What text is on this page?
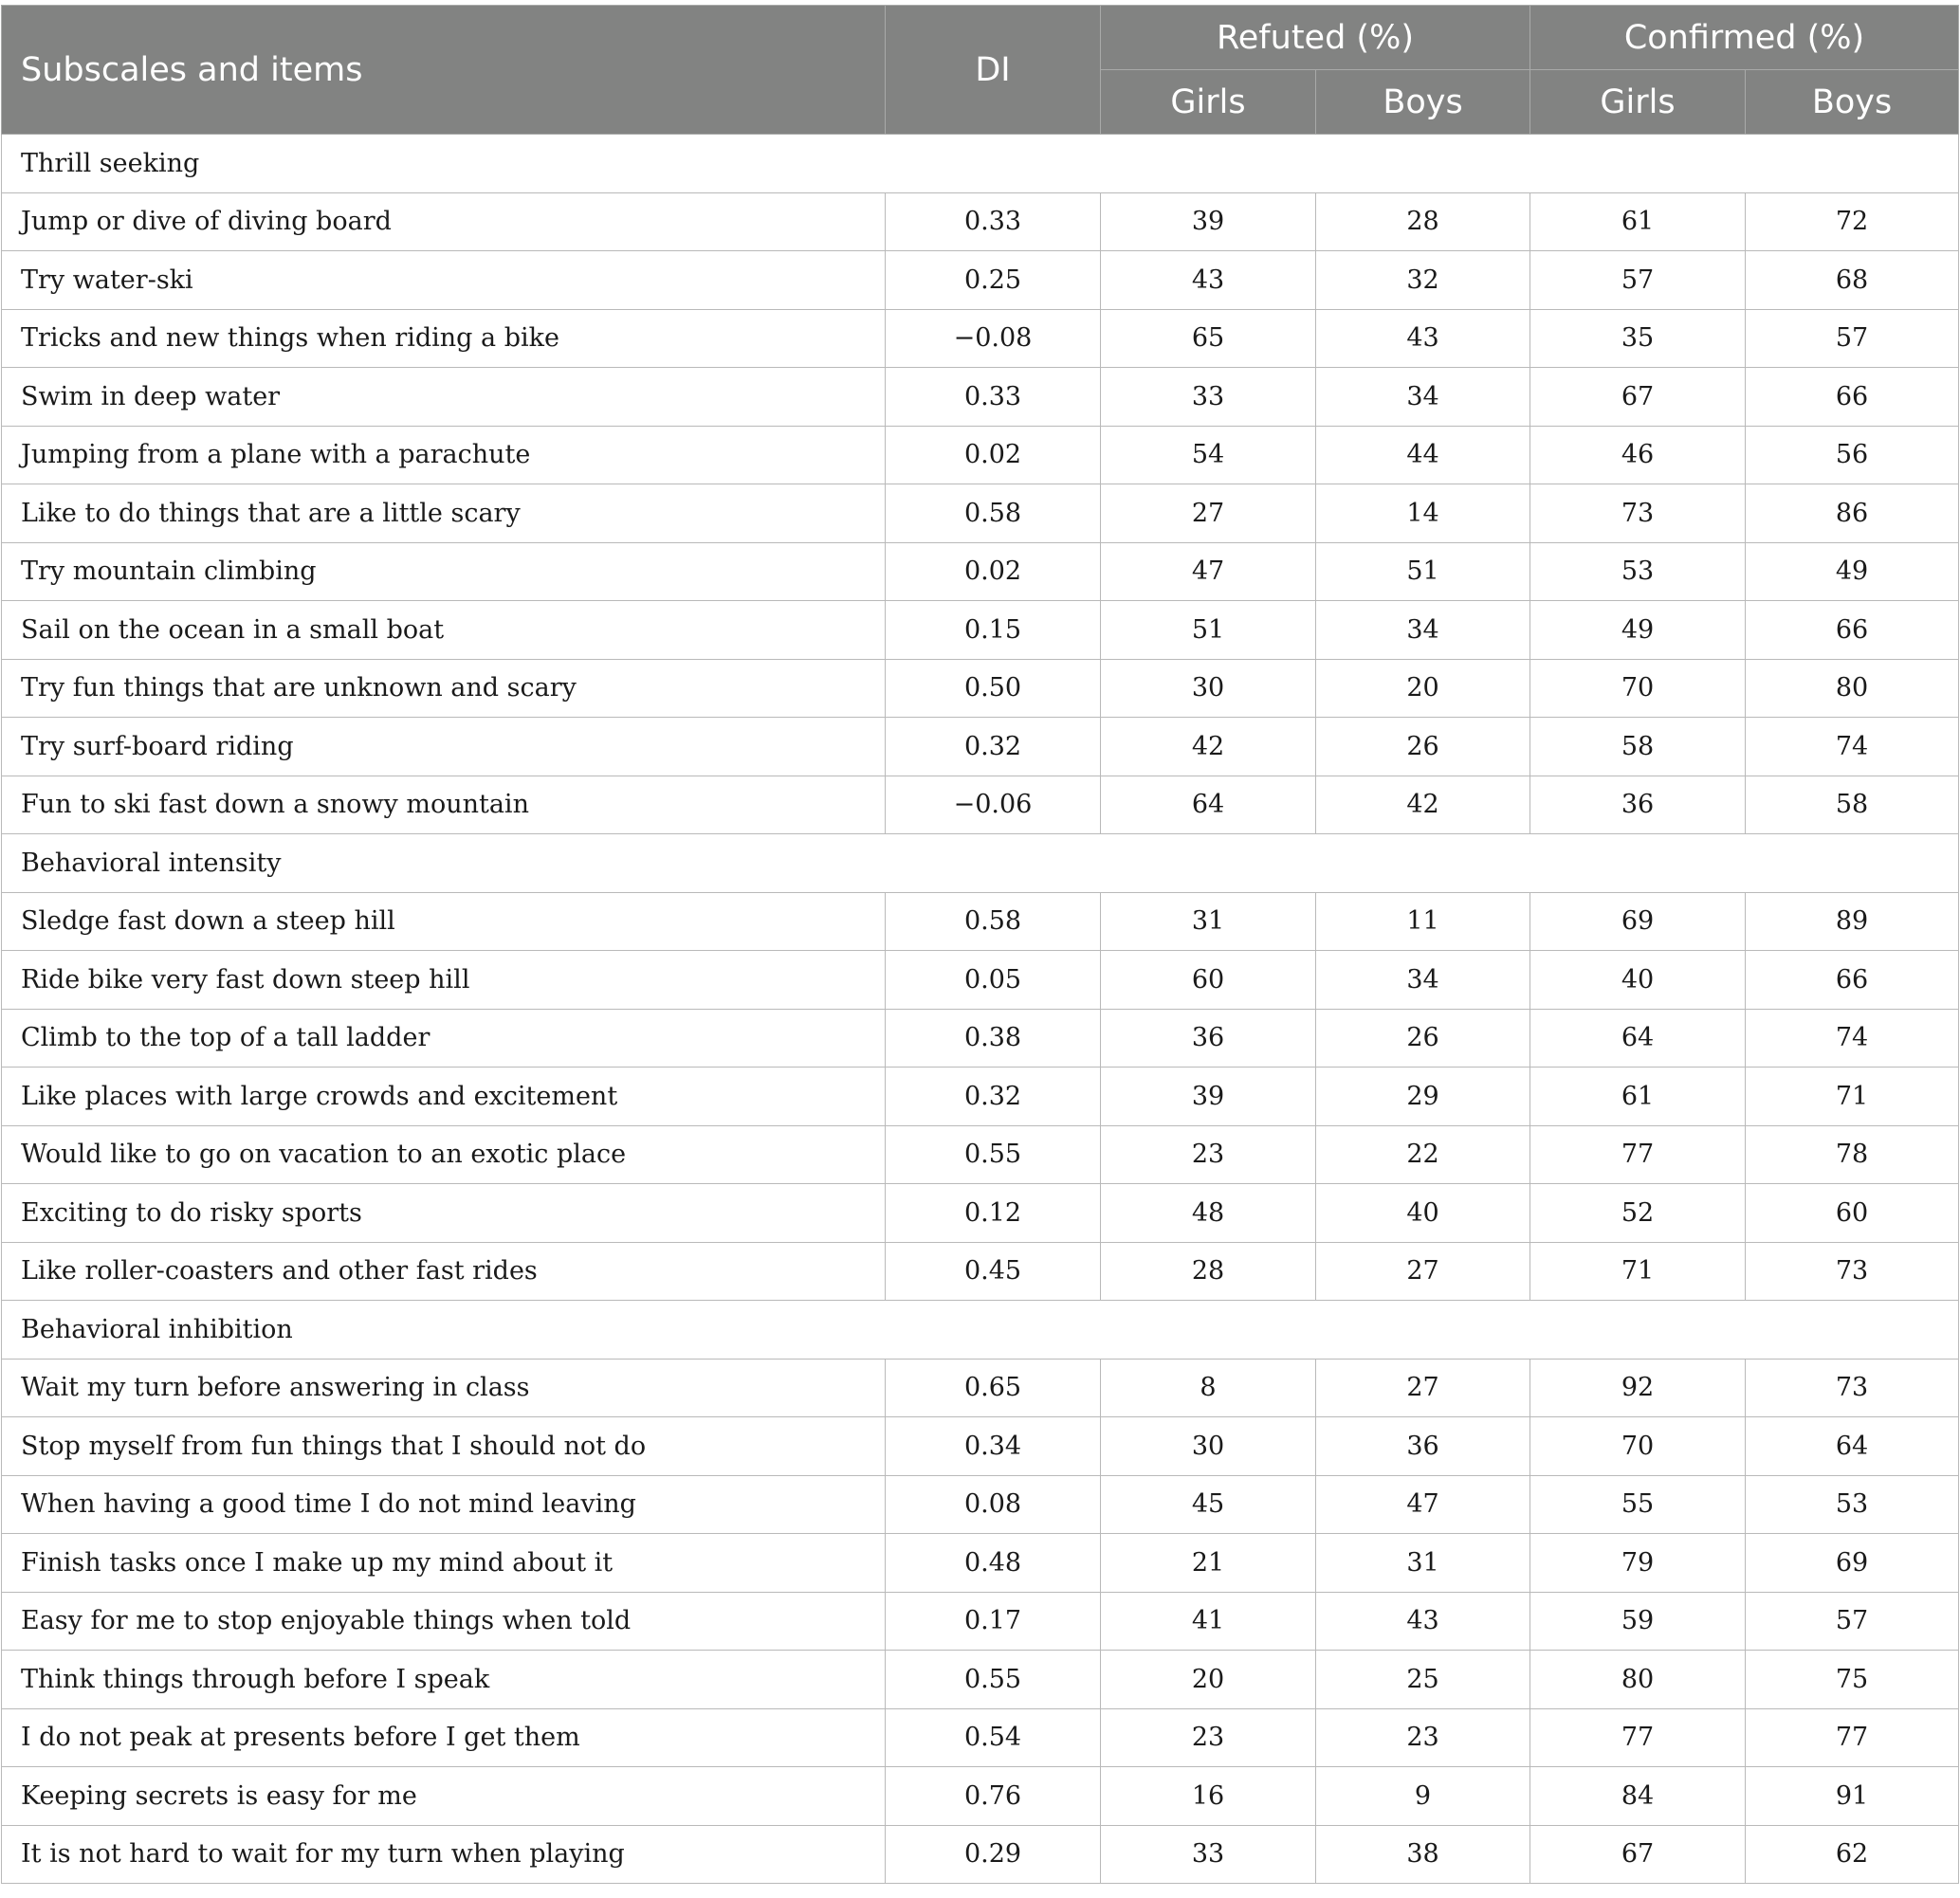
Subscales and items	DI	Refuted (%)		Confirmed (%)	
		Girls	Boys	Girls	Boys
Thrill seeking					
Jump or dive of diving board	0.33	39	28	61	72
Try water-ski	0.25	43	32	57	68
Tricks and new things when riding a bike	−0.08	65	43	35	57
Swim in deep water	0.33	33	34	67	66
Jumping from a plane with a parachute	0.02	54	44	46	56
Like to do things that are a little scary	0.58	27	14	73	86
Try mountain climbing	0.02	47	51	53	49
Sail on the ocean in a small boat	0.15	51	34	49	66
Try fun things that are unknown and scary	0.50	30	20	70	80
Try surf-board riding	0.32	42	26	58	74
Fun to ski fast down a snowy mountain	−0.06	64	42	36	58
Behavioral intensity					
Sledge fast down a steep hill	0.58	31	11	69	89
Ride bike very fast down steep hill	0.05	60	34	40	66
Climb to the top of a tall ladder	0.38	36	26	64	74
Like places with large crowds and excitement	0.32	39	29	61	71
Would like to go on vacation to an exotic place	0.55	23	22	77	78
Exciting to do risky sports	0.12	48	40	52	60
Like roller-coasters and other fast rides	0.45	28	27	71	73
Behavioral inhibition					
Wait my turn before answering in class	0.65	8	27	92	73
Stop myself from fun things that I should not do	0.34	30	36	70	64
When having a good time I do not mind leaving	0.08	45	47	55	53
Finish tasks once I make up my mind about it	0.48	21	31	79	69
Easy for me to stop enjoyable things when told	0.17	41	43	59	57
Think things through before I speak	0.55	20	25	80	75
I do not peak at presents before I get them	0.54	23	23	77	77
Keeping secrets is easy for me	0.76	16	9	84	91
It is not hard to wait for my turn when playing	0.29	33	38	67	62
